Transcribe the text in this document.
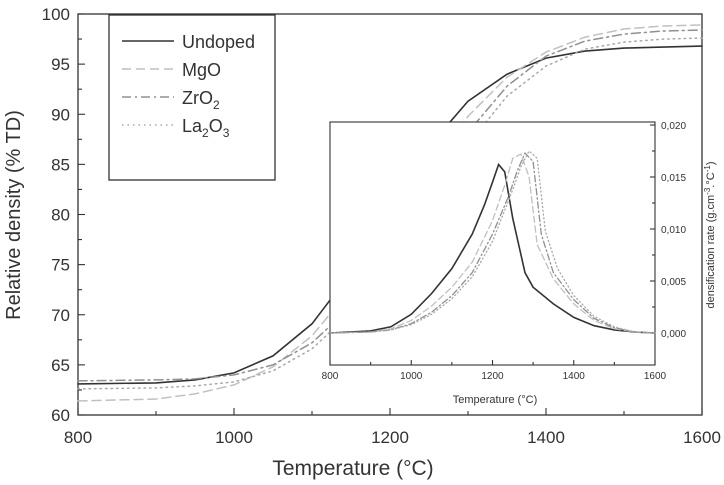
800	1000	1200	1400	1600
60
65
70
75
80
85
90
95
100
Temperature (°C)
Relative density (% TD)
Undoped
MgO
ZrO$_2$
$La_2O_3$
800	1000	1200	1400	1600
0,000
0,005
0,010
0,015
0,020
Temperature (°C)
densification rate $(g.cm^{-3}.^\circ C^{-1})$
